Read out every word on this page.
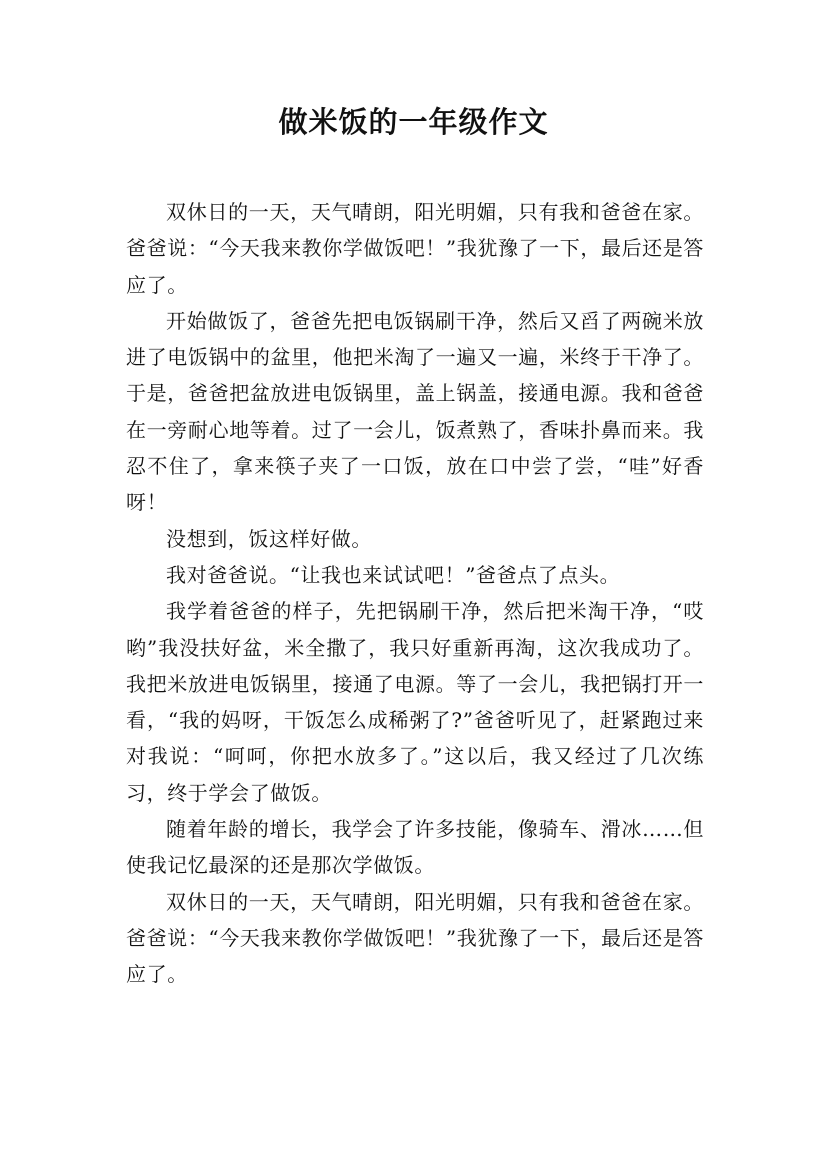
做米饭的一年级作文

双休日的一天，天气晴朗，阳光明媚，只有我和爸爸在家。爸爸说：“今天我来教你学做饭吧！”我犹豫了一下，最后还是答应了。

开始做饭了，爸爸先把电饭锅刷干净，然后又舀了两碗米放进了电饭锅中的盆里，他把米淘了一遍又一遍，米终于干净了。于是，爸爸把盆放进电饭锅里，盖上锅盖，接通电源。我和爸爸在一旁耐心地等着。过了一会儿，饭煮熟了，香味扑鼻而来。我忍不住了，拿来筷子夹了一口饭，放在口中尝了尝，“哇”好香呀！

没想到，饭这样好做。

我对爸爸说。“让我也来试试吧！”爸爸点了点头。

我学着爸爸的样子，先把锅刷干净，然后把米淘干净，“哎哟”我没扶好盆，米全撒了，我只好重新再淘，这次我成功了。我把米放进电饭锅里，接通了电源。等了一会儿，我把锅打开一看，“我的妈呀，干饭怎么成稀粥了?”爸爸听见了，赶紧跑过来对我说：“呵呵，你把水放多了。”这以后，我又经过了几次练习，终于学会了做饭。

随着年龄的增长，我学会了许多技能，像骑车、滑冰……但使我记忆最深的还是那次学做饭。

双休日的一天，天气晴朗，阳光明媚，只有我和爸爸在家。爸爸说：“今天我来教你学做饭吧！”我犹豫了一下，最后还是答应了。
